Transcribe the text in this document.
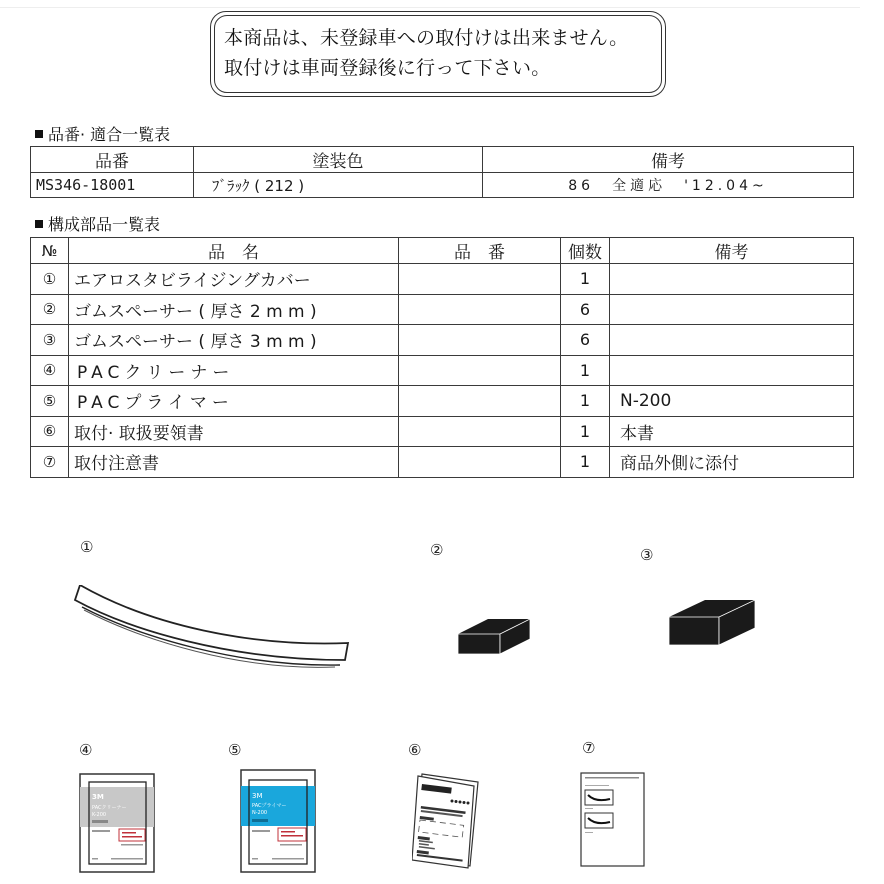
本商品は、未登録車への取付けは出来ません。
取付けは車両登録後に行って下さい。
品番· 適合一覧表
品番	塗装色	備考
MS346-18001	ﾌﾞﾗｯｸ ( 212 )	86　全適応　'12.04~
構成部品一覧表
№	品　名	品　番	個数	備考
①	エアロスタビライジングカバー		1	
②	ゴムスペーサー ( 厚さ 2 m m )		6	
③	ゴムスペーサー ( 厚さ 3 m m )		6	
④	PACクリーナー		1	
⑤	PACプライマー		1	N-200
⑥	取付· 取扱要領書		1	本書
⑦	取付注意書		1	商品外側に添付
①	②	③
④	⑤	⑥	⑦
3M
PACクリーナー
K-200
3M
PACプライマー
N-200
